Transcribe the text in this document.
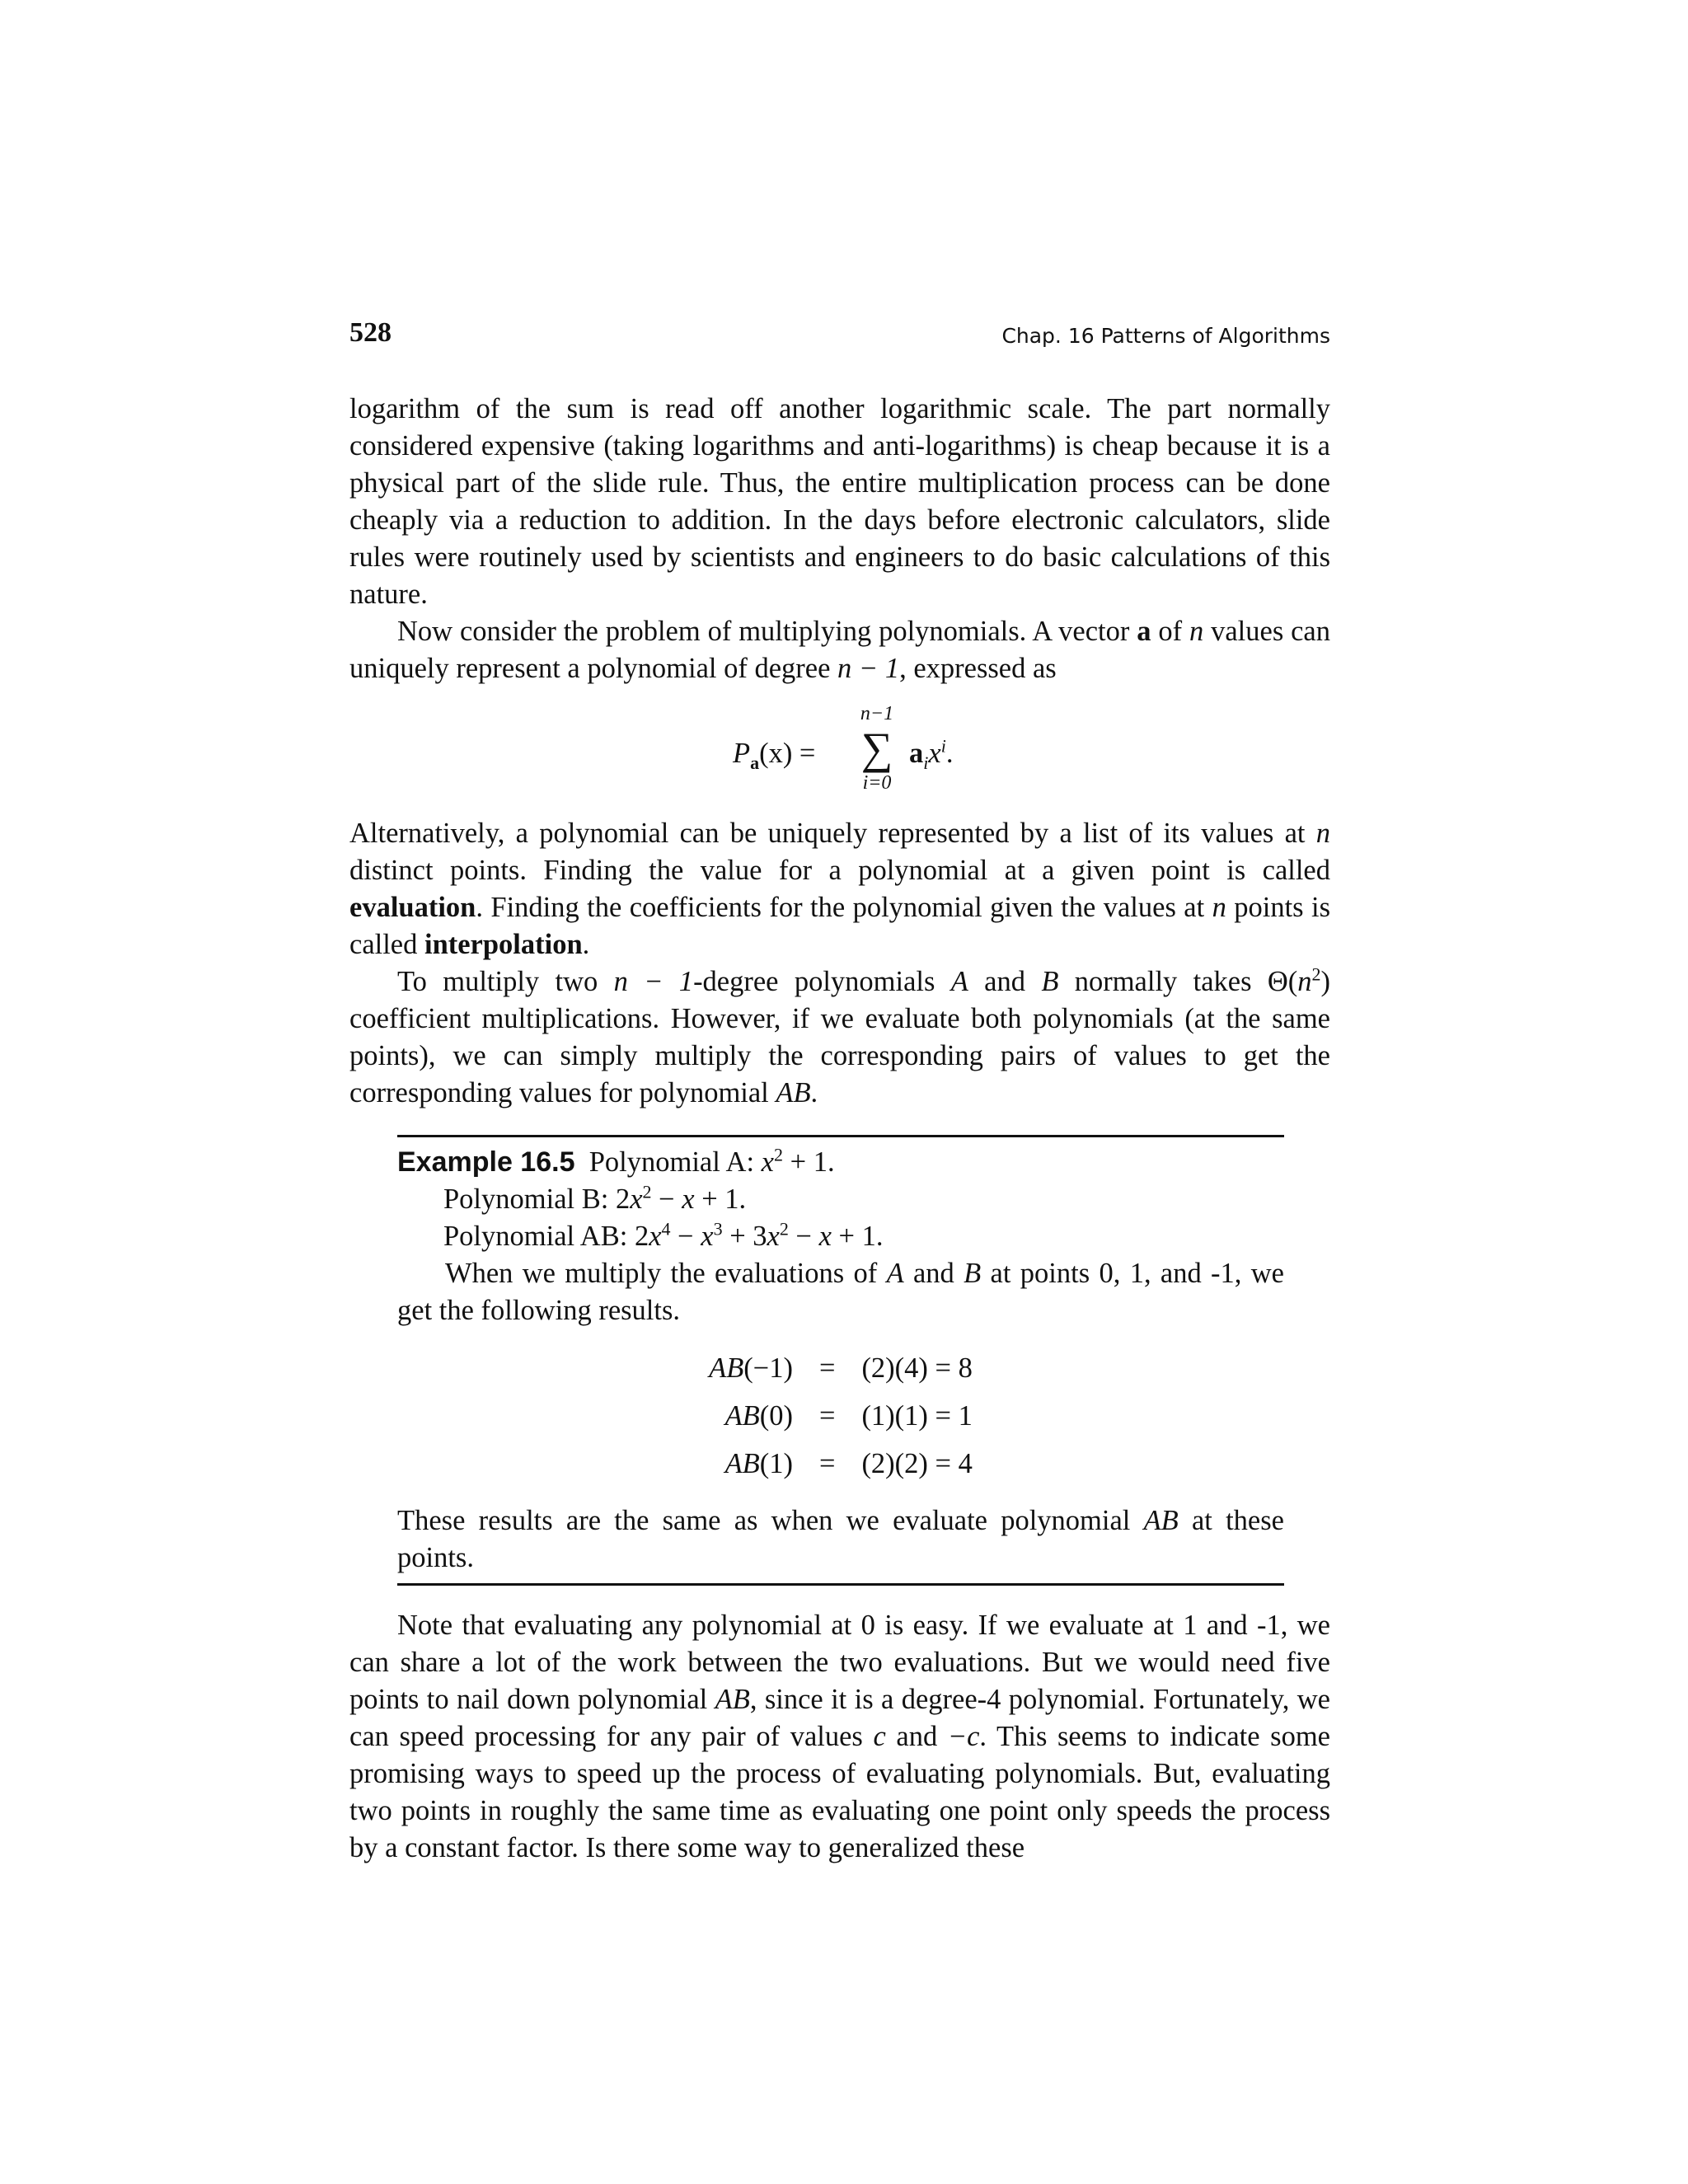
528	Chap. 16 Patterns of Algorithms

logarithm of the sum is read off another logarithmic scale. The part normally considered expensive (taking logarithms and anti-logarithms) is cheap because it is a physical part of the slide rule. Thus, the entire multiplication process can be done cheaply via a reduction to addition. In the days before electronic calculators, slide rules were routinely used by scientists and engineers to do basic calculations of this nature.

Now consider the problem of multiplying polynomials. A vector a of n values can uniquely represent a polynomial of degree n − 1, expressed as

$P_a(x)$ =
n−1
∑
i=0
$a_ix^i$.

Alternatively, a polynomial can be uniquely represented by a list of its values at n distinct points. Finding the value for a polynomial at a given point is called evaluation. Finding the coefficients for the polynomial given the values at n points is called interpolation.

To multiply two n − 1-degree polynomials A and B normally takes $\Theta(n^2)$ coefficient multiplications. However, if we evaluate both polynomials (at the same points), we can simply multiply the corresponding pairs of values to get the corresponding values for polynomial AB.

Example 16.5 Polynomial A: $x^2 + 1$.

Polynomial B: $2x^2 - x + 1$.

Polynomial AB: $2x^4 - x^3 + 3x^2 - x + 1$.

When we multiply the evaluations of A and B at points 0, 1, and -1, we get the following results.

AB(−1)	=	(2)(4) = 8
AB(0)	=	(1)(1) = 1
AB(1)	=	(2)(2) = 4

These results are the same as when we evaluate polynomial AB at these points.

Note that evaluating any polynomial at 0 is easy. If we evaluate at 1 and -1, we can share a lot of the work between the two evaluations. But we would need five points to nail down polynomial AB, since it is a degree-4 polynomial. Fortunately, we can speed processing for any pair of values c and −c. This seems to indicate some promising ways to speed up the process of evaluating polynomials. But, evaluating two points in roughly the same time as evaluating one point only speeds the process by a constant factor. Is there some way to generalized these
